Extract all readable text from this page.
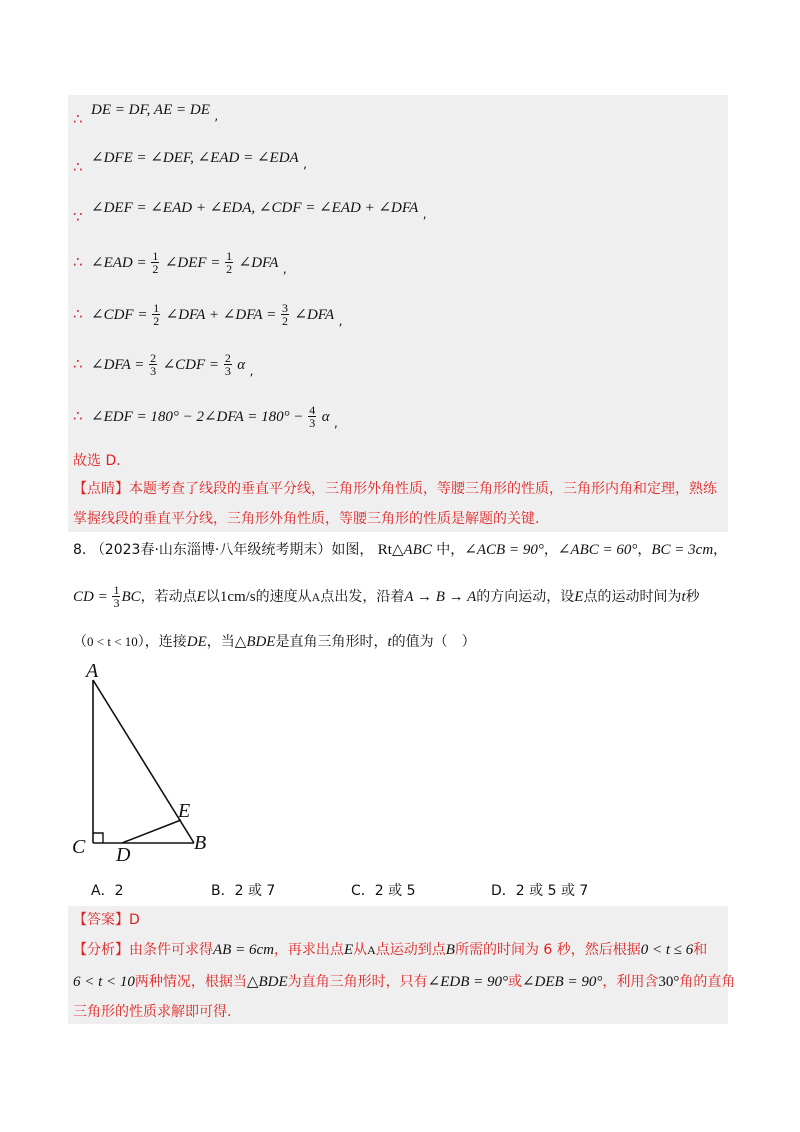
∴ DE = DF, AE = DE ,
∴ ∠DFE = ∠DEF, ∠EAD = ∠EDA ,
∵ ∠DEF = ∠EAD + ∠EDA, ∠CDF = ∠EAD + ∠DFA ,
∴ ∠EAD = $\frac{1}{2}$ ∠DEF = $\frac{1}{2}$ ∠DFA ,
∴ ∠CDF = $\frac{1}{2}$ ∠DFA + ∠DFA = $\frac{3}{2}$ ∠DFA ,
∴ ∠DFA = $\frac{2}{3}$ ∠CDF = $\frac{2}{3}$ α ,
∴ ∠EDF = 180° − 2∠DFA = $180^\circ - \frac{4}{3}$ α ,
故选 D.
【点睛】本题考查了线段的垂直平分线，三角形外角性质，等腰三角形的性质，三角形内角和定理，熟练掌握线段的垂直平分线，三角形外角性质，等腰三角形的性质是解题的关键.
8. （2023春·山东淄博·八年级统考期末）如图， Rt△ABC 中，∠ACB = 90°，∠ABC = 60°，BC = 3cm，
CD = $\frac{1}{3}$ BC，若动点E以1cm/s的速度从A点出发，沿着A → B → A的方向运动，设E点的运动时间为t秒
（0 < t < 10），连接DE，当△BDE是直角三角形时，t的值为（　）
A
C D
E
B
A．2	B．2 或 7	C．2 或 5	D．2 或 5 或 7
【答案】D
【分析】由条件可求得AB = 6cm，再求出点E从A点运动到点B所需的时间为 6 秒，然后根据0 < t ≤ 6和
6 < t < 10两种情况，根据当△BDE为直角三角形时，只有∠EDB = 90°或∠DEB = 90°，利用含30°角的直角
三角形的性质求解即可得.
